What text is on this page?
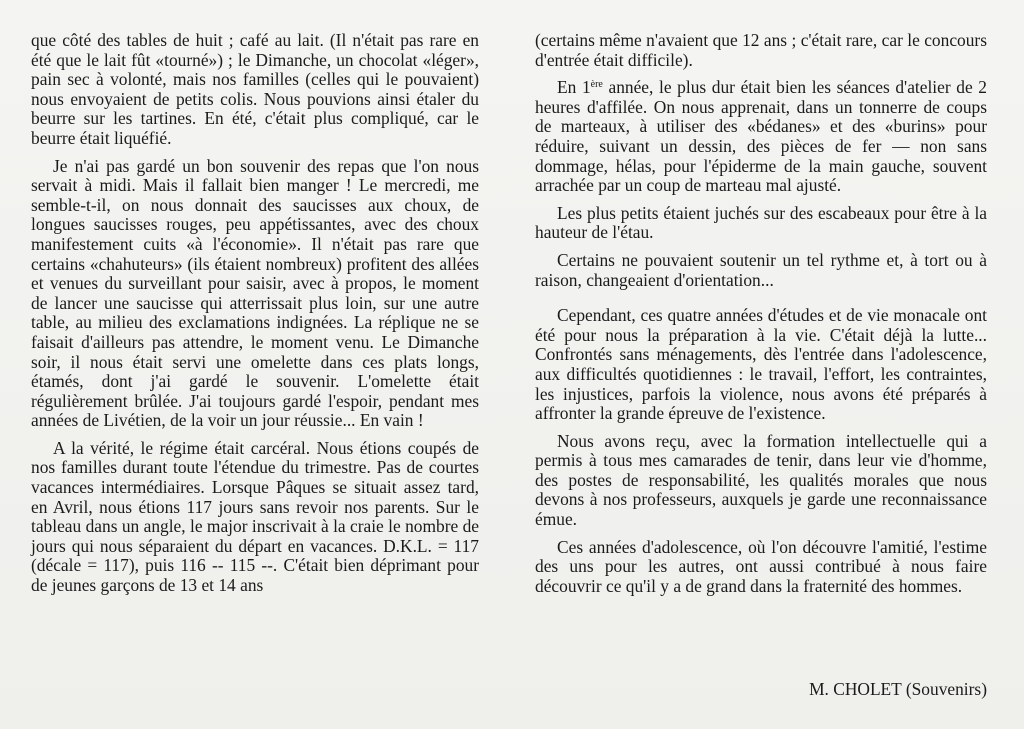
que côté des tables de huit ; café au lait. (Il n'était pas rare en été que le lait fût «tourné») ; le Dimanche, un chocolat «léger», pain sec à volonté, mais nos familles (celles qui le pouvaient) nous envoyaient de petits colis. Nous pouvions ainsi étaler du beurre sur les tartines. En été, c'était plus compliqué, car le beurre était liquéfié.

Je n'ai pas gardé un bon souvenir des repas que l'on nous servait à midi. Mais il fallait bien manger ! Le mercredi, me semble-t-il, on nous donnait des saucisses aux choux, de longues saucisses rouges, peu appétissantes, avec des choux manifestement cuits «à l'économie». Il n'était pas rare que certains «chahuteurs» (ils étaient nombreux) profitent des allées et venues du surveillant pour saisir, avec à propos, le moment de lancer une saucisse qui atterrissait plus loin, sur une autre table, au milieu des exclamations indignées. La réplique ne se faisait d'ailleurs pas attendre, le moment venu. Le Dimanche soir, il nous était servi une omelette dans ces plats longs, étamés, dont j'ai gardé le souvenir. L'omelette était régulièrement brûlée. J'ai toujours gardé l'espoir, pendant mes années de Livétien, de la voir un jour réussie... En vain !

A la vérité, le régime était carcéral. Nous étions coupés de nos familles durant toute l'étendue du trimestre. Pas de courtes vacances intermédiaires. Lorsque Pâques se situait assez tard, en Avril, nous étions 117 jours sans revoir nos parents. Sur le tableau dans un angle, le major inscrivait à la craie le nombre de jours qui nous séparaient du départ en vacances. D.K.L. = 117 (décale = 117), puis 116 -- 115 --. C'était bien déprimant pour de jeunes garçons de 13 et 14 ans

(certains même n'avaient que 12 ans ; c'était rare, car le concours d'entrée était difficile).

En 1ère année, le plus dur était bien les séances d'atelier de 2 heures d'affilée. On nous apprenait, dans un tonnerre de coups de marteaux, à utiliser des «bédanes» et des «burins» pour réduire, suivant un dessin, des pièces de fer — non sans dommage, hélas, pour l'épiderme de la main gauche, souvent arrachée par un coup de marteau mal ajusté.

Les plus petits étaient juchés sur des escabeaux pour être à la hauteur de l'étau.

Certains ne pouvaient soutenir un tel rythme et, à tort ou à raison, changeaient d'orientation...

Cependant, ces quatre années d'études et de vie monacale ont été pour nous la préparation à la vie. C'était déjà la lutte... Confrontés sans ménagements, dès l'entrée dans l'adolescence, aux difficultés quotidiennes : le travail, l'effort, les contraintes, les injustices, parfois la violence, nous avons été préparés à affronter la grande épreuve de l'existence.

Nous avons reçu, avec la formation intellectuelle qui a permis à tous mes camarades de tenir, dans leur vie d'homme, des postes de responsabilité, les qualités morales que nous devons à nos professeurs, auxquels je garde une reconnaissance émue.

Ces années d'adolescence, où l'on découvre l'amitié, l'estime des uns pour les autres, ont aussi contribué à nous faire découvrir ce qu'il y a de grand dans la fraternité des hommes.

M. CHOLET (Souvenirs)
